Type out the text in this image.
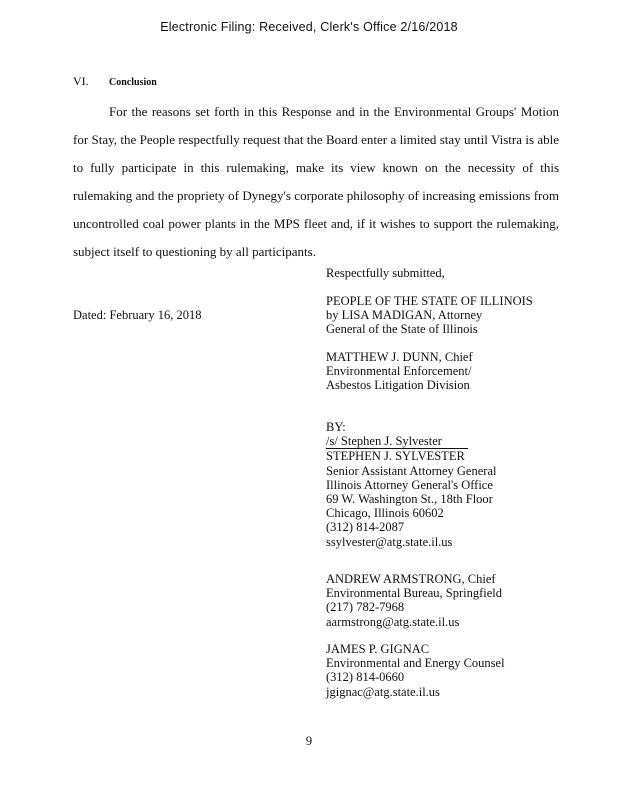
Electronic Filing: Received, Clerk's Office 2/16/2018
VI. Conclusion
For the reasons set forth in this Response and in the Environmental Groups' Motion for Stay, the People respectfully request that the Board enter a limited stay until Vistra is able to fully participate in this rulemaking, make its view known on the necessity of this rulemaking and the propriety of Dynegy's corporate philosophy of increasing emissions from uncontrolled coal power plants in the MPS fleet and, if it wishes to support the rulemaking, subject itself to questioning by all participants.
Respectfully submitted,
Dated: February 16, 2018
PEOPLE OF THE STATE OF ILLINOIS
by LISA MADIGAN, Attorney
General of the State of Illinois
MATTHEW J. DUNN, Chief
Environmental Enforcement/
Asbestos Litigation Division
BY:
/s/ Stephen J. Sylvester
STEPHEN J. SYLVESTER
Senior Assistant Attorney General
Illinois Attorney General's Office
69 W. Washington St., 18th Floor
Chicago, Illinois 60602
(312) 814-2087
ssylvester@atg.state.il.us
ANDREW ARMSTRONG, Chief
Environmental Bureau, Springfield
(217) 782-7968
aarmstrong@atg.state.il.us
JAMES P. GIGNAC
Environmental and Energy Counsel
(312) 814-0660
jgignac@atg.state.il.us
9
